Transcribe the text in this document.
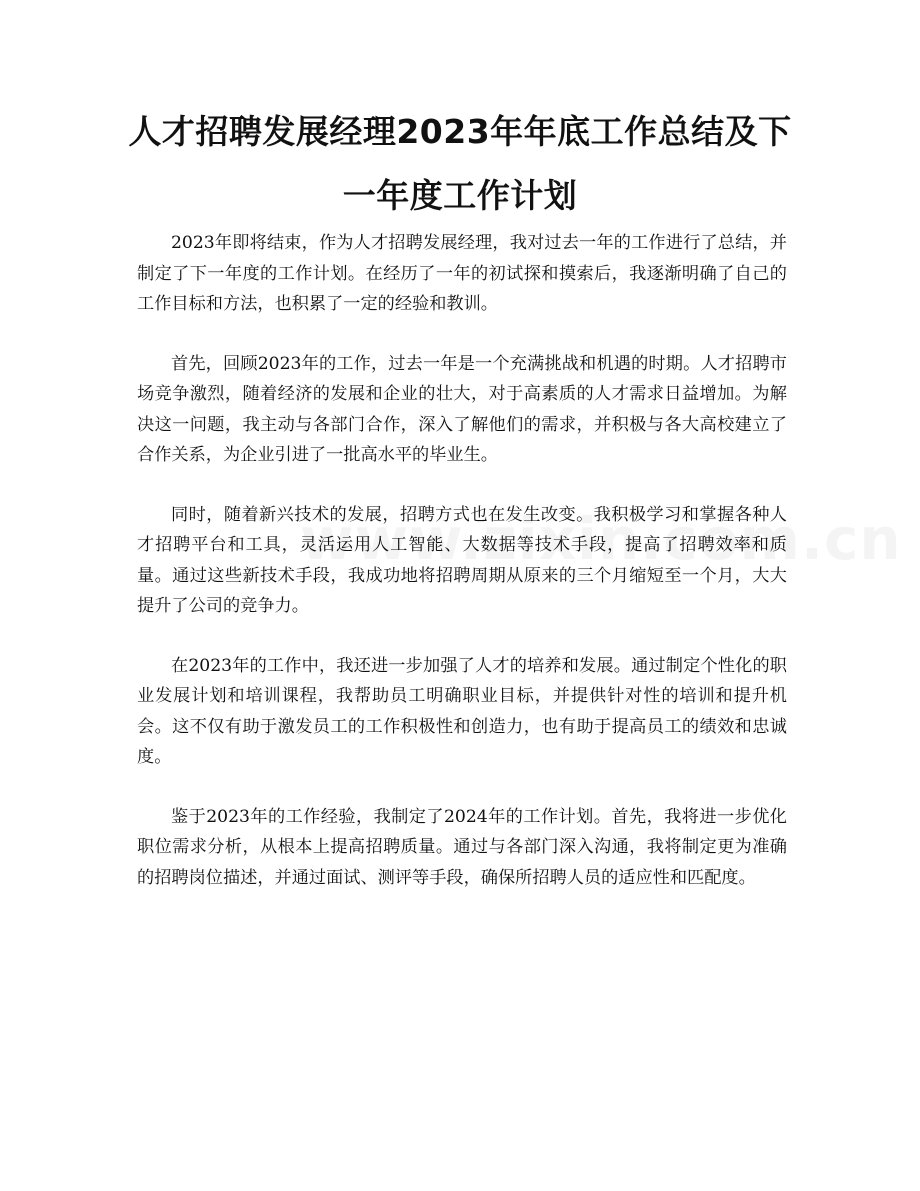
人才招聘发展经理2023年年底工作总结及下
一年度工作计划

2023年即将结束，作为人才招聘发展经理，我对过去一年的工作进行了总结，并制定了下一年度的工作计划。在经历了一年的初试探和摸索后，我逐渐明确了自己的工作目标和方法，也积累了一定的经验和教训。

首先，回顾2023年的工作，过去一年是一个充满挑战和机遇的时期。人才招聘市场竞争激烈，随着经济的发展和企业的壮大，对于高素质的人才需求日益增加。为解决这一问题，我主动与各部门合作，深入了解他们的需求，并积极与各大高校建立了合作关系，为企业引进了一批高水平的毕业生。

同时，随着新兴技术的发展，招聘方式也在发生改变。我积极学习和掌握各种人才招聘平台和工具，灵活运用人工智能、大数据等技术手段，提高了招聘效率和质量。通过这些新技术手段，我成功地将招聘周期从原来的三个月缩短至一个月，大大提升了公司的竞争力。

在2023年的工作中，我还进一步加强了人才的培养和发展。通过制定个性化的职业发展计划和培训课程，我帮助员工明确职业目标，并提供针对性的培训和提升机会。这不仅有助于激发员工的工作积极性和创造力，也有助于提高员工的绩效和忠诚度。

鉴于2023年的工作经验，我制定了2024年的工作计划。首先，我将进一步优化职位需求分析，从根本上提高招聘质量。通过与各部门深入沟通，我将制定更为准确的招聘岗位描述，并通过面试、测评等手段，确保所招聘人员的适应性和匹配度。
